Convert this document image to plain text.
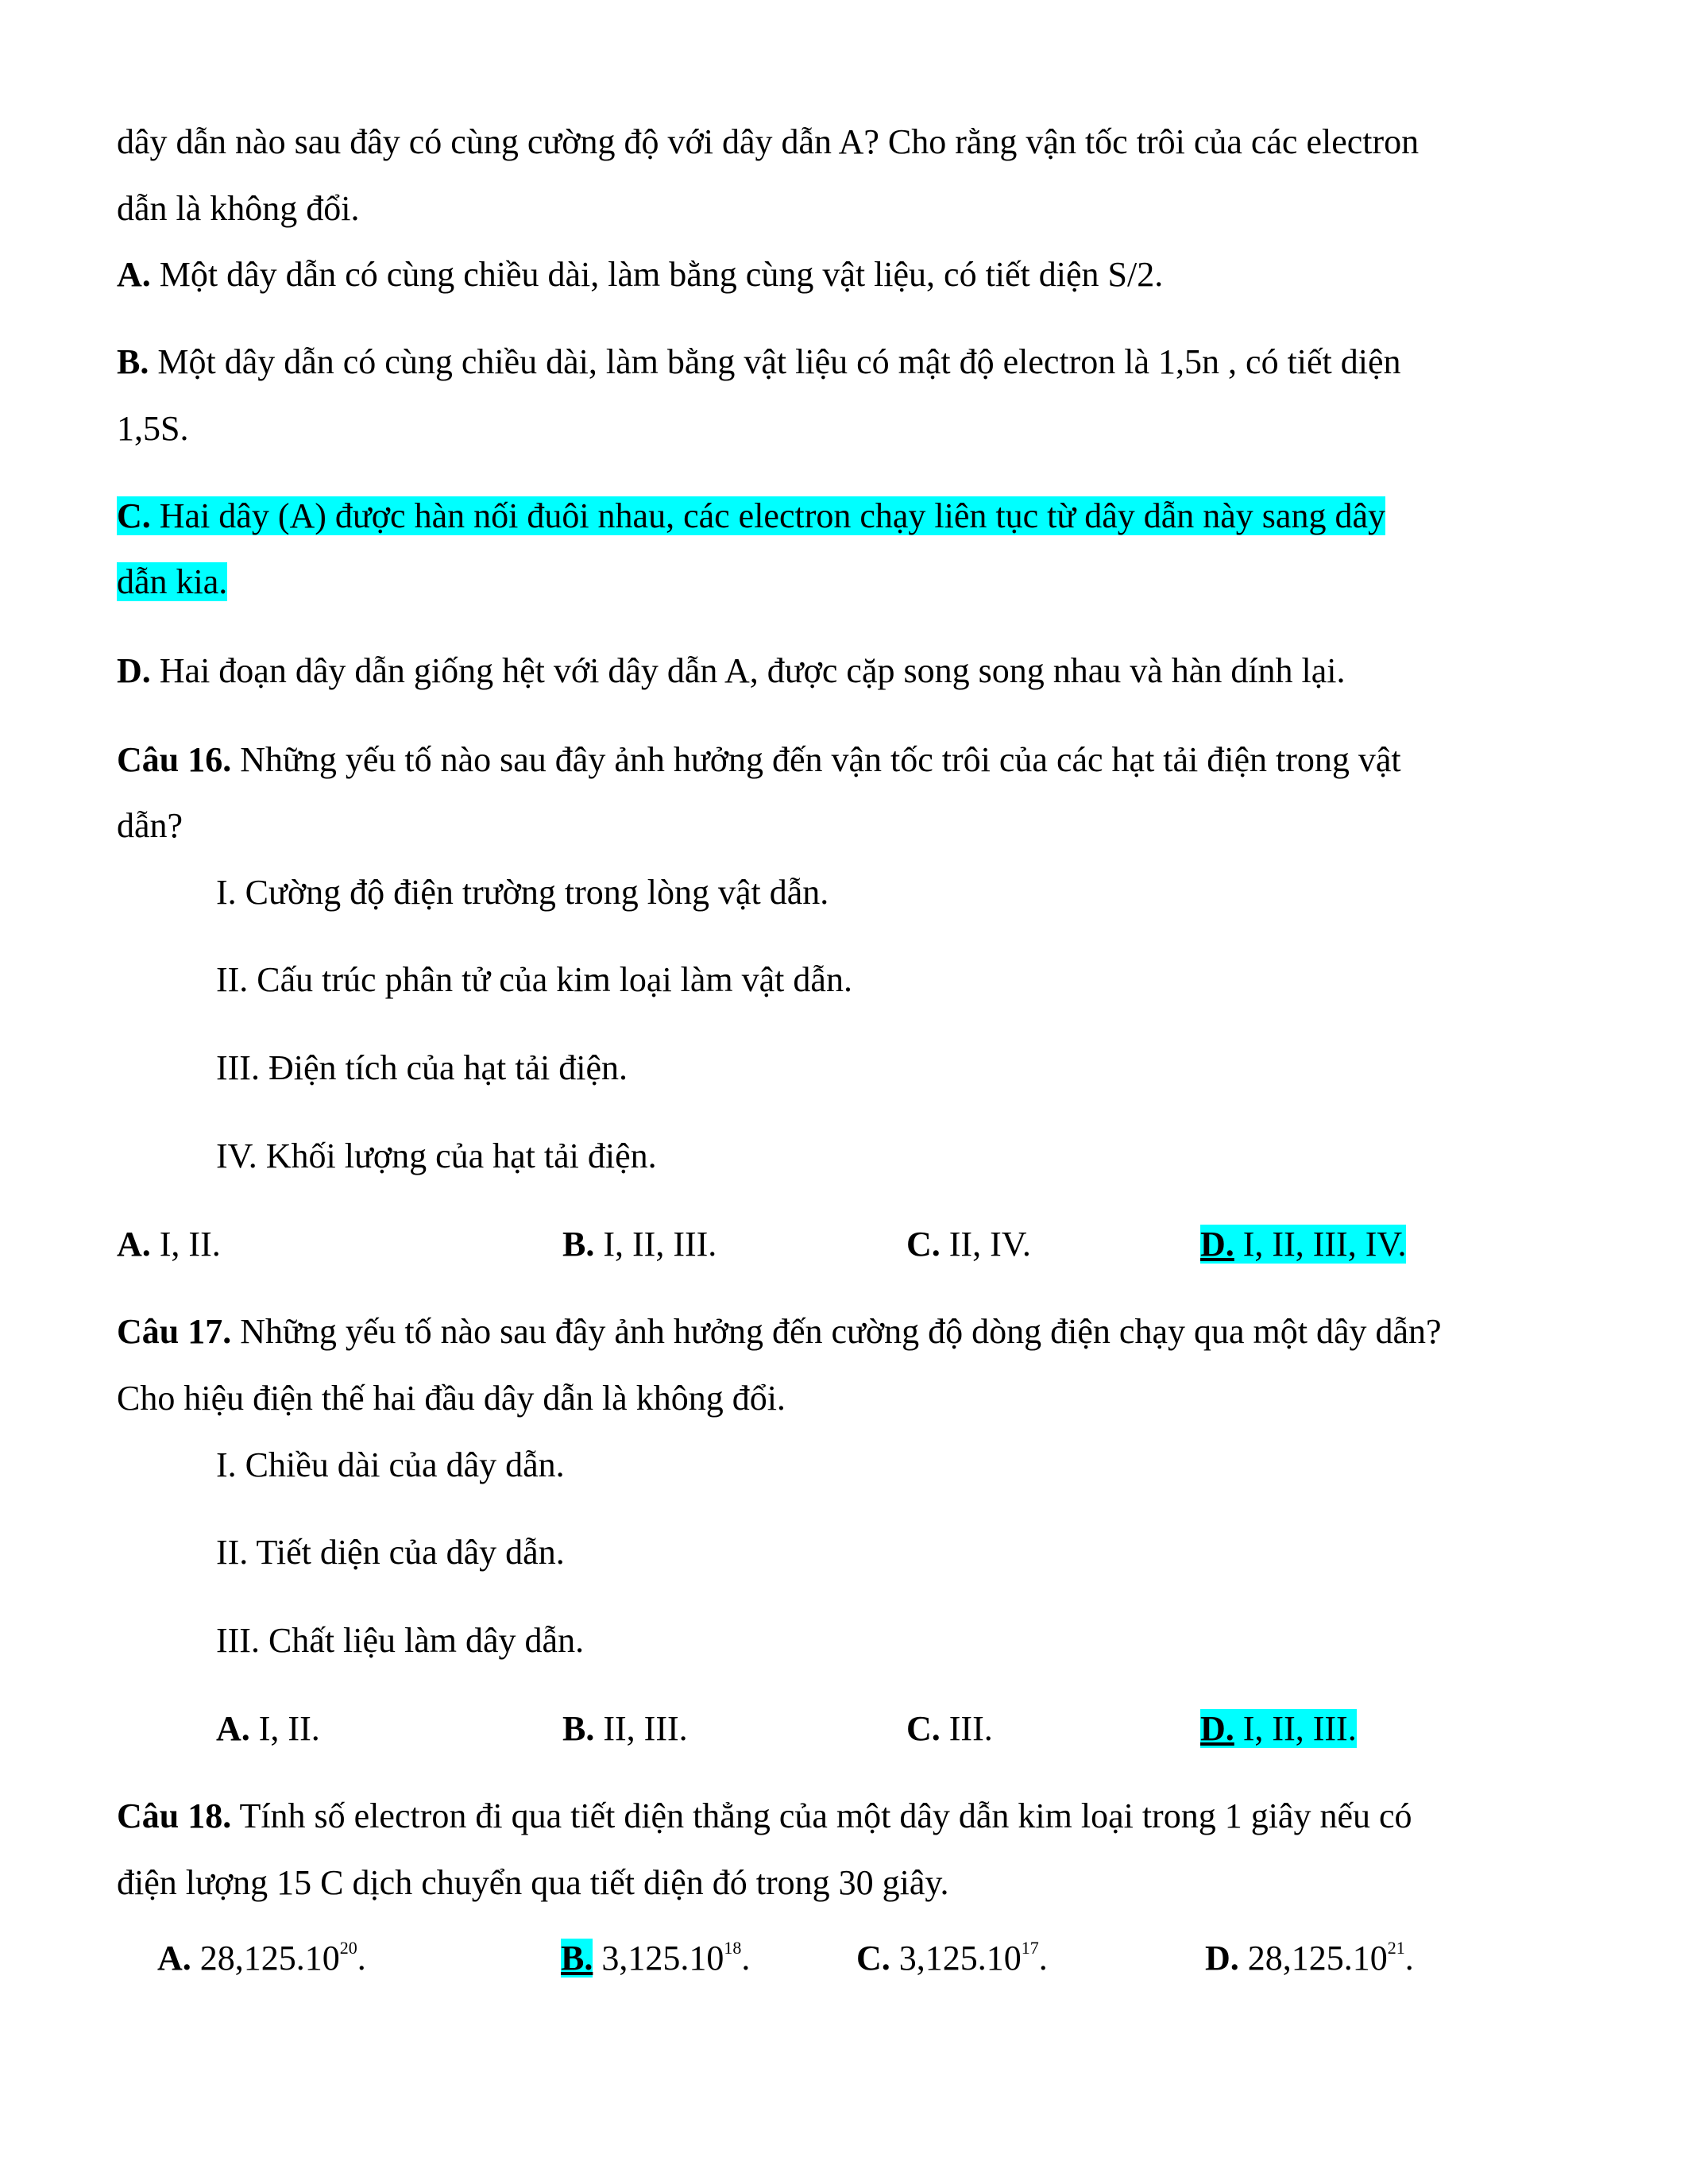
dây dẫn nào sau đây có cùng cường độ với dây dẫn A? Cho rằng vận tốc trôi của các electron
dẫn là không đổi.
A. Một dây dẫn có cùng chiều dài, làm bằng cùng vật liệu, có tiết diện S/2.
B. Một dây dẫn có cùng chiều dài, làm bằng vật liệu có mật độ electron là 1,5n , có tiết diện
1,5S.
C. Hai dây (A) được hàn nối đuôi nhau, các electron chạy liên tục từ dây dẫn này sang dây
dẫn kia.
D. Hai đoạn dây dẫn giống hệt với dây dẫn A, được cặp song song nhau và hàn dính lại.
Câu 16. Những yếu tố nào sau đây ảnh hưởng đến vận tốc trôi của các hạt tải điện trong vật
dẫn?
I. Cường độ điện trường trong lòng vật dẫn.
II. Cấu trúc phân tử của kim loại làm vật dẫn.
III. Điện tích của hạt tải điện.
IV. Khối lượng của hạt tải điện.
A. I, II.	B. I, II, III.	C. II, IV.	D. I, II, III, IV.
Câu 17. Những yếu tố nào sau đây ảnh hưởng đến cường độ dòng điện chạy qua một dây dẫn?
Cho hiệu điện thế hai đầu dây dẫn là không đổi.
I. Chiều dài của dây dẫn.
II. Tiết diện của dây dẫn.
III. Chất liệu làm dây dẫn.
A. I, II.	B. II, III.	C. III.	D. I, II, III.
Câu 18. Tính số electron đi qua tiết diện thẳng của một dây dẫn kim loại trong 1 giây nếu có
điện lượng 15 C dịch chuyển qua tiết diện đó trong 30 giây.
A. 28,125.10$^{20}$.	B. 3,125.10$^{18}$.	C. 3,125.10$^{17}$.	D. 28,125.10$^{21}$.
